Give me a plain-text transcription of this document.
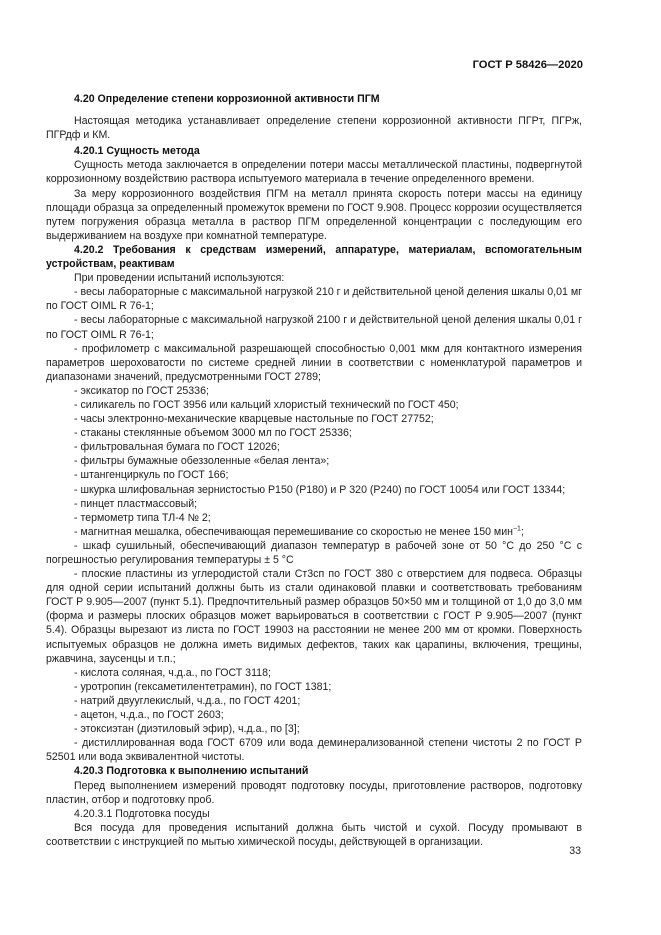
ГОСТ Р 58426—2020

4.20 Определение степени коррозионной активности ПГМ

Настоящая методика устанавливает определение степени коррозионной активности ПГРт, ПГРж, ПГРдф и КМ.

4.20.1 Сущность метода

Сущность метода заключается в определении потери массы металлической пластины, подвергнутой коррозионному воздействию раствора испытуемого материала в течение определенного времени.

За меру коррозионного воздействия ПГМ на металл принята скорость потери массы на единицу площади образца за определенный промежуток времени по ГОСТ 9.908. Процесс коррозии осуществляется путем погружения образца металла в раствор ПГМ определенной концентрации с последующим его выдерживанием на воздухе при комнатной температуре.

4.20.2 Требования к средствам измерений, аппаратуре, материалам, вспомогательным устройствам, реактивам

При проведении испытаний используются:

- весы лабораторные с максимальной нагрузкой 210 г и действительной ценой деления шкалы 0,01 мг по ГОСТ OIML R 76-1;

- весы лабораторные с максимальной нагрузкой 2100 г и действительной ценой деления шкалы 0,01 г по ГОСТ OIML R 76-1;

- профилометр с максимальной разрешающей способностью 0,001 мкм для контактного измерения параметров шероховатости по системе средней линии в соответствии с номенклатурой параметров и диапазонами значений, предусмотренными ГОСТ 2789;

- эксикатор по ГОСТ 25336;

- силикагель по ГОСТ 3956 или кальций хлористый технический по ГОСТ 450;

- часы электронно-механические кварцевые настольные по ГОСТ 27752;

- стаканы стеклянные объемом 3000 мл по ГОСТ 25336;

- фильтровальная бумага по ГОСТ 12026;

- фильтры бумажные обеззоленные «белая лента»;

- штангенциркуль по ГОСТ 166;

- шкурка шлифовальная зернистостью Р150 (Р180) и Р 320 (Р240) по ГОСТ 10054 или ГОСТ 13344;

- пинцет пластмассовый;

- термометр типа ТЛ-4 № 2;

- магнитная мешалка, обеспечивающая перемешивание со скоростью не менее 150 мин$^{-1}$;

- шкаф сушильный, обеспечивающий диапазон температур в рабочей зоне от 50 °С до 250 °С с погрешностью регулирования температуры ± 5 °С

- плоские пластины из углеродистой стали Ст3сп по ГОСТ 380 с отверстием для подвеса. Образцы для одной серии испытаний должны быть из стали одинаковой плавки и соответствовать требованиям ГОСТ Р 9.905—2007 (пункт 5.1). Предпочтительный размер образцов 50×50 мм и толщиной от 1,0 до 3,0 мм (форма и размеры плоских образцов может варьироваться в соответствии с ГОСТ Р 9.905—2007 (пункт 5.4). Образцы вырезают из листа по ГОСТ 19903 на расстоянии не менее 200 мм от кромки. Поверхность испытуемых образцов не должна иметь видимых дефектов, таких как царапины, включения, трещины, ржавчина, заусенцы и т.п.;

- кислота соляная, ч.д.а., по ГОСТ 3118;

- уротропин (гексаметилентетрамин), по ГОСТ 1381;

- натрий двууглекислый, ч.д.а., по ГОСТ 4201;

- ацетон, ч.д.а., по ГОСТ 2603;

- этоксиэтан (диэтиловый эфир), ч.д.а., по [3];

- дистиллированная вода ГОСТ 6709 или вода деминерализованной степени чистоты 2 по ГОСТ Р 52501 или вода эквивалентной чистоты.

4.20.3 Подготовка к выполнению испытаний

Перед выполнением измерений проводят подготовку посуды, приготовление растворов, подготовку пластин, отбор и подготовку проб.

4.20.3.1 Подготовка посуды

Вся посуда для проведения испытаний должна быть чистой и сухой. Посуду промывают в соответствии с инструкцией по мытью химической посуды, действующей в организации.

33
